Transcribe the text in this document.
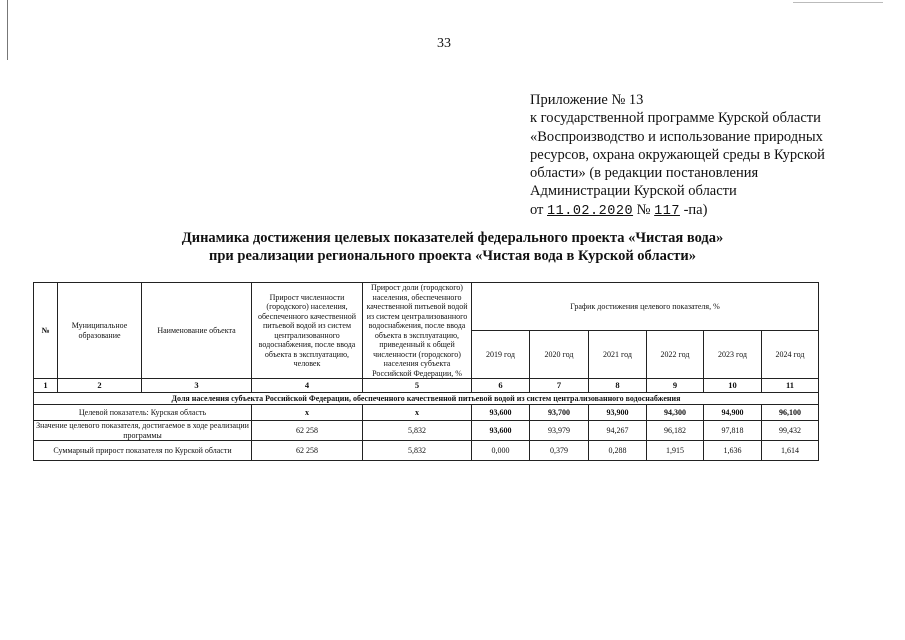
33
Приложение № 13
к государственной программе Курской области
«Воспроизводство и использование природных
ресурсов, охрана окружающей среды в Курской
области» (в редакции постановления
Администрации Курской области
от 11.02.2020 № 117 -па)
Динамика достижения целевых показателей федерального проекта «Чистая вода»
при реализации регионального проекта «Чистая вода в Курской области»
№	Муниципальное образование	Наименование объекта	Прирост численности (городского) населения, обеспеченного качественной питьевой водой из систем централизованного водоснабжения, после ввода объекта в эксплуатацию, человек	Прирост доли (городского) населения, обеспеченного качественной питьевой водой из систем централизованного водоснабжения, после ввода объекта в эксплуатацию, приведенный к общей численности (городского) населения субъекта Российской Федерации, %	График достижения целевого показателя, %					
					2019 год	2020 год	2021 год	2022 год	2023 год	2024 год
1	2	3	4	5	6	7	8	9	10	11
Доля населения субъекта Российской Федерации, обеспеченного качественной питьевой водой из систем централизованного водоснабжения										
Целевой показатель: Курская область			х	х	93,600	93,700	93,900	94,300	94,900	96,100
Значение целевого показателя, достигаемое в ходе реализации программы			62 258	5,832	93,600	93,979	94,267	96,182	97,818	99,432
Суммарный прирост показателя по Курской области			62 258	5,832	0,000	0,379	0,288	1,915	1,636	1,614
